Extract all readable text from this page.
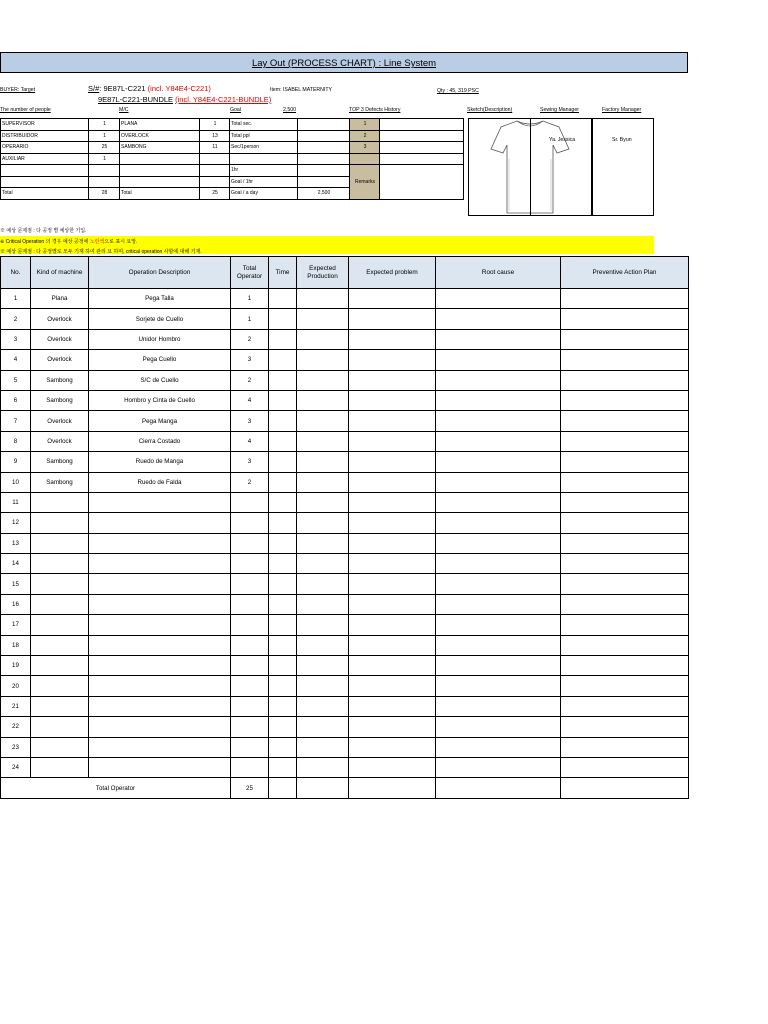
Lay Out (PROCESS CHART) : Line System
BUYER: Target	S/#: 9E87L-C221 (incl. Y84E4-C221)
9E87L-C221-BUNDLE (incl. Y84E4-C221-BUNDLE)
Item: ISABEL MATERNITY	Qty : 45, 319 PSC
The number of people	M/C	Goal	2,500	TOP 3 Defects History	Sketch(Description)	Sewing Manager	Factory Manager
SUPERVISOR	1	PLANA	1	Total sec.		1	
DISTRIBUIDOR	1	OVERLOCK	13	Total ppl		2	
OPERARIO	25	SAMBONG	11	Sec/1person		3	
AUXILIAR	1						
				1hr		Remarks	
				Goal / 1hr			
Total	28	Total	25	Goal / a day	2,500		
Sr. Byun
Ya. Jessica
※ 예상 문제점 : 다 공정 별 예상한 기입.
※ Critical Operation 의 경우 예상 공정에 노란색으로 표시 요망.
※ 예상 문제점 : 다 공정별로 모두 기재 하여 관리 요 하며, critical operation 사항에 대해 기재.
No.	Kind of machine	Operation Description	Total Operator	Time	Expected Production	Expected problem	Root cause	Preventive Action Plan
1	Plana	Pega Talla	1					
2	Overlock	Sorjete de Cuello	1					
3	Overlock	Unidor Hombro	2					
4	Overlock	Pega Cuello	3					
5	Sambong	S/C de Cuello	2					
6	Sambong	Hombro y Cinta de Cuello	4					
7	Overlock	Pega Manga	3					
8	Overlock	Cierra Costado	4					
9	Sambong	Ruedo de Manga	3					
10	Sambong	Ruedo de Falda	2					
11								
12								
13								
14								
15								
16								
17								
18								
19								
20								
21								
22								
23								
24								
Total Operator			25					
